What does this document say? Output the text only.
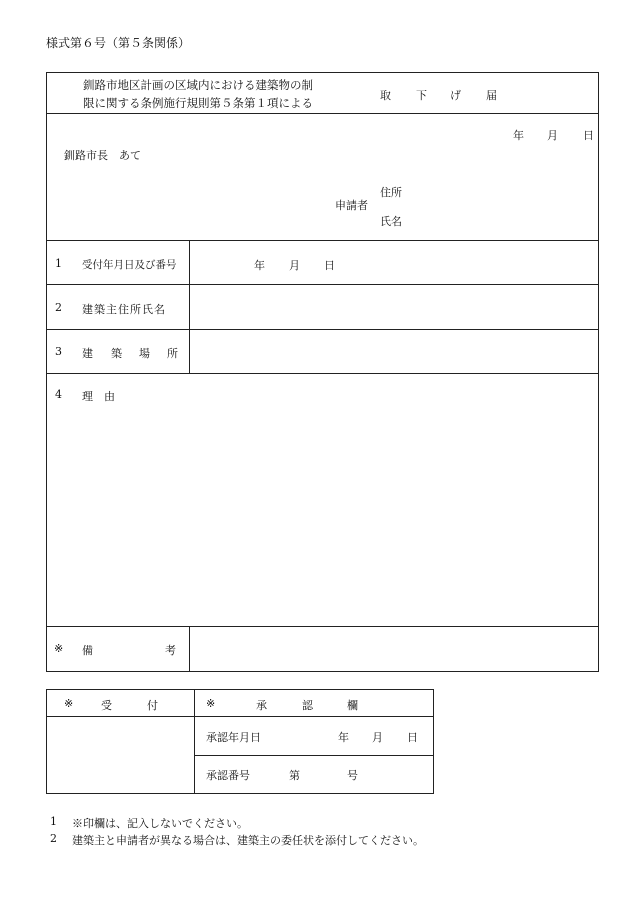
様式第６号（第５条関係）
釧路市地区計画の区域内における建築物の制
限に関する条例施行規則第５条第１項による
取 下 げ 届
年 月 日
釧路市長　あて
申請者
住所
氏名
1 受付年月日及び番号	年 月 日
2 建築主住所氏名
3 建 築 場 所
4 理　由
※ 備	考
※	受	付	※	承	認	欄
承認年月日	年 月 日
承認番号	第	号
1 ※印欄は、記入しないでください。
2 建築主と申請者が異なる場合は、建築主の委任状を添付してください。
